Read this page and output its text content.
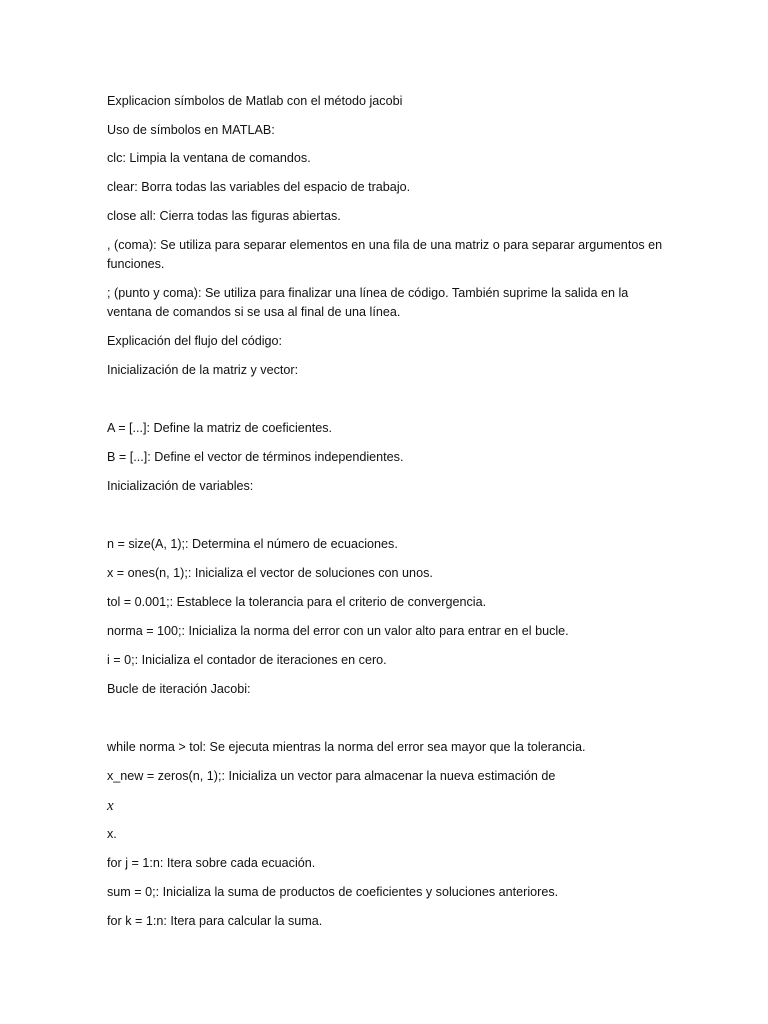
Explicacion símbolos de Matlab con el método jacobi

Uso de símbolos en MATLAB:

clc: Limpia la ventana de comandos.

clear: Borra todas las variables del espacio de trabajo.

close all: Cierra todas las figuras abiertas.

, (coma): Se utiliza para separar elementos en una fila de una matriz o para separar argumentos en funciones.

; (punto y coma): Se utiliza para finalizar una línea de código. También suprime la salida en la ventana de comandos si se usa al final de una línea.

Explicación del flujo del código:

Inicialización de la matriz y vector:

A = [...]: Define la matriz de coeficientes.

B = [...]: Define el vector de términos independientes.

Inicialización de variables:

n = size(A, 1);: Determina el número de ecuaciones.

x = ones(n, 1);: Inicializa el vector de soluciones con unos.

tol = 0.001;: Establece la tolerancia para el criterio de convergencia.

norma = 100;: Inicializa la norma del error con un valor alto para entrar en el bucle.

i = 0;: Inicializa el contador de iteraciones en cero.

Bucle de iteración Jacobi:

while norma > tol: Se ejecuta mientras la norma del error sea mayor que la tolerancia.

x_new = zeros(n, 1);: Inicializa un vector para almacenar la nueva estimación de

x

x.

for j = 1:n: Itera sobre cada ecuación.

sum = 0;: Inicializa la suma de productos de coeficientes y soluciones anteriores.

for k = 1:n: Itera para calcular la suma.
